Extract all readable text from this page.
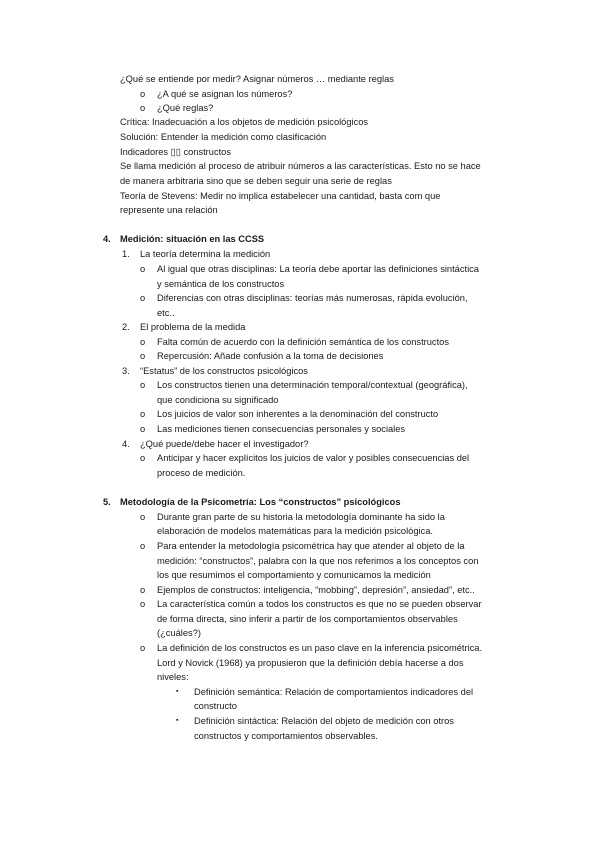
¿Qué se entiende por medir? Asignar números … mediante reglas
o ¿A qué se asignan los números?
o ¿Qué reglas?
Crítica: Inadecuación a los objetos de medición psicológicos
Solución: Entender la medición como clasificación
Indicadores ▯▯ constructos
Se llama medición al proceso de atribuir números a las características. Esto no se hace
de manera arbitraria sino que se deben seguir una serie de reglas
Teoría de Stevens: Medir no implica estabelecer una cantidad, basta com que
represente una relación
4. Medición: situación en las CCSS
1. La teoría determina la medición
o Al igual que otras disciplinas: La teoría debe aportar las definiciones sintáctica
y semántica de los constructos
o Diferencias con otras disciplinas: teorías más numerosas, rápida evolución,
etc..
2. El problema de la medida
o Falta común de acuerdo con la definición semántica de los constructos
o Repercusión: Añade confusión a la toma de decisiones
3. “Estatus” de los constructos psicológicos
o Los constructos tienen una determinación temporal/contextual (geográfica),
que condiciona su significado
o Los juicios de valor son inherentes a la denominación del constructo
o Las mediciones tienen consecuencias personales y sociales
4. ¿Qué puede/debe hacer el investigador?
o Anticipar y hacer explícitos los juicios de valor y posibles consecuencias del
proceso de medición.
5. Metodología de la Psicometría: Los “constructos” psicológicos
o Durante gran parte de su historia la metodología dominante ha sido la
elaboración de modelos matemáticas para la medición psicológica.
o Para entender la metodología psicométrica hay que atender al objeto de la
medición: “constructos”, palabra con la que nos referimos a los conceptos con
los que resumimos el comportamiento y comunicamos la medición
o Ejemplos de constructos: inteligencia, “mobbing”, depresión”, ansiedad”, etc..
o La característica común a todos los constructos es que no se pueden observar
de forma directa, sino inferir a partir de los comportamientos observables
(¿cuáles?)
o La definición de los constructos es un paso clave en la inferencia psicométrica.
Lord y Novick (1968) ya propusieron que la definición debía hacerse a dos
niveles:
▪ Definición semántica: Relación de comportamientos indicadores del
constructo
▪ Definición sintáctica: Relación del objeto de medición con otros
constructos y comportamientos observables.
